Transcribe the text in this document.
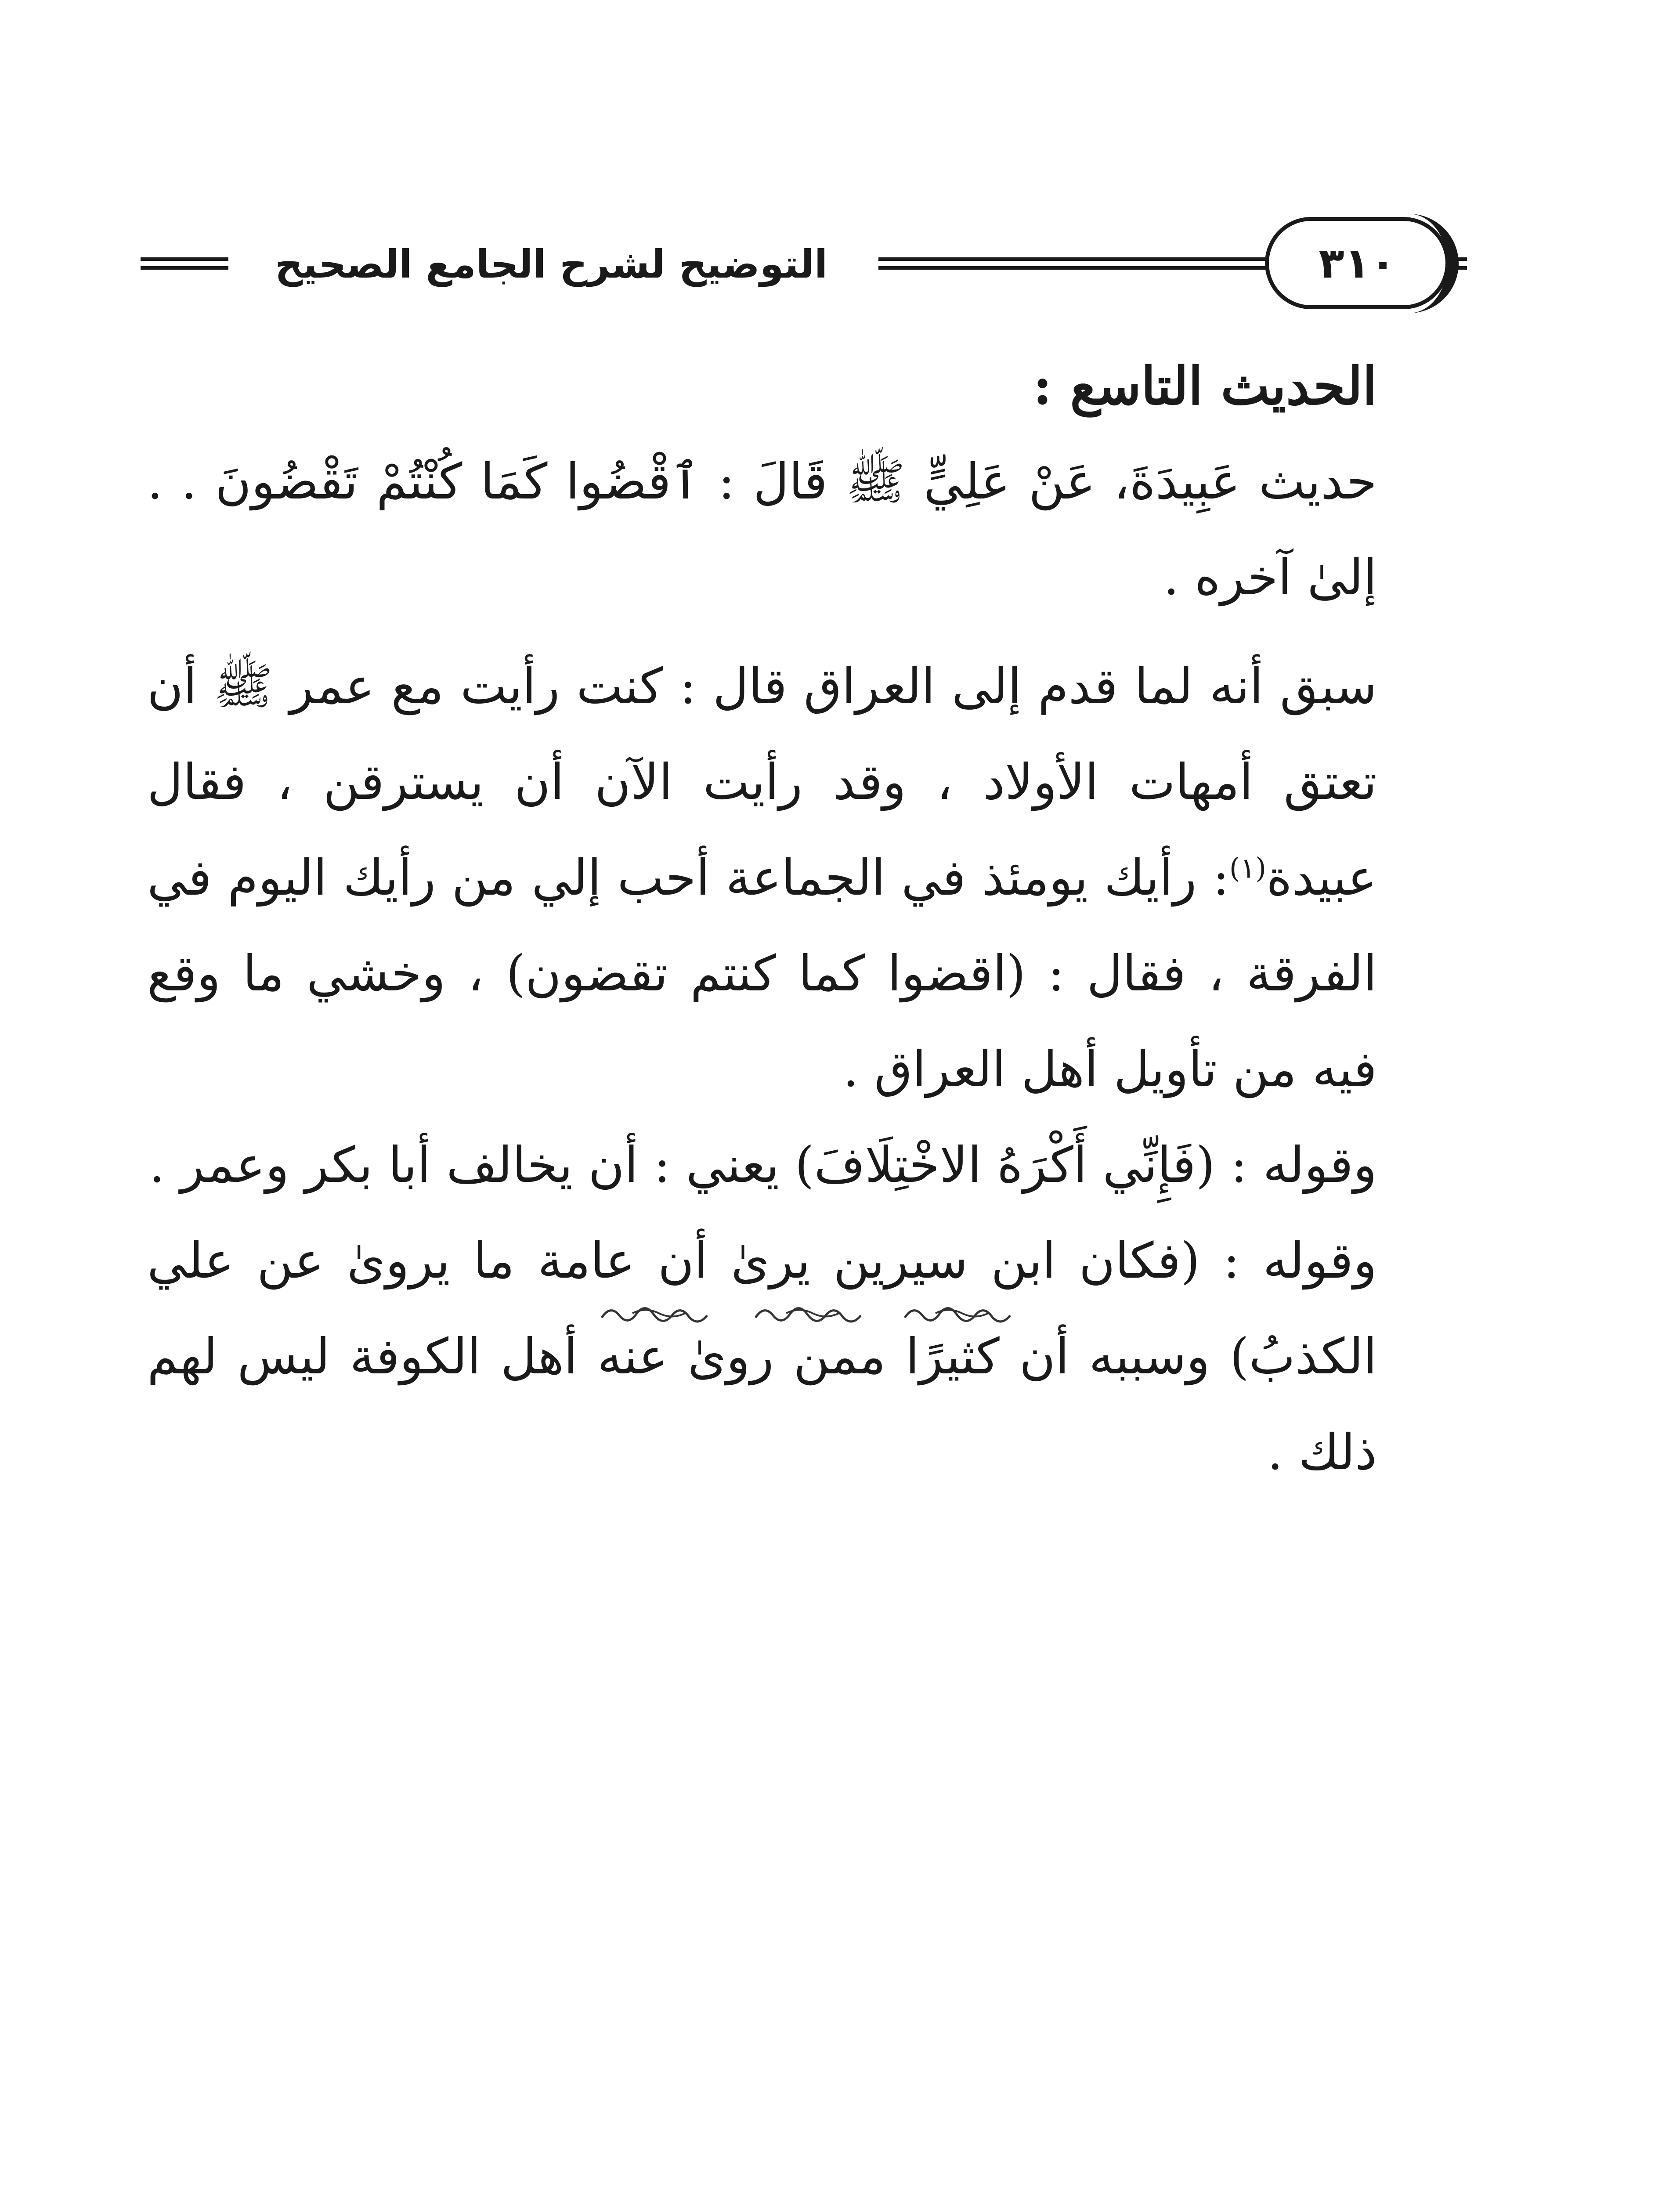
التوضيح لشرح الجامع الصحيح	٣١٠

الحديث التاسع :

حديث عَبِيدَةَ، عَنْ عَلِيٍّ ﷺ قَالَ : ٱقْضُوا كَمَا كُنْتُمْ تَقْضُونَ . . إلىٰ آخره .

سبق أنه لما قدم إلى العراق قال : كنت رأيت مع عمر ﷺ أن تعتق أمهات الأولاد ، وقد رأيت الآن أن يسترقن ، فقال عبيدة$^{(١)}$: رأيك يومئذ في الجماعة أحب إلي من رأيك اليوم في الفرقة ، فقال : (اقضوا كما كنتم تقضون) ، وخشي ما وقع فيه من تأويل أهل العراق .

وقوله : (فَإِنِّي أَكْرَهُ الاخْتِلَافَ) يعني : أن يخالف أبا بكر وعمر .

وقوله : (فكان ابن سيرين يرىٰ أن عامة ما يروىٰ عن علي الكذبُ) وسببه أن كثيرًا ممن روىٰ عنه أهل الكوفة ليس لهم ذلك .
